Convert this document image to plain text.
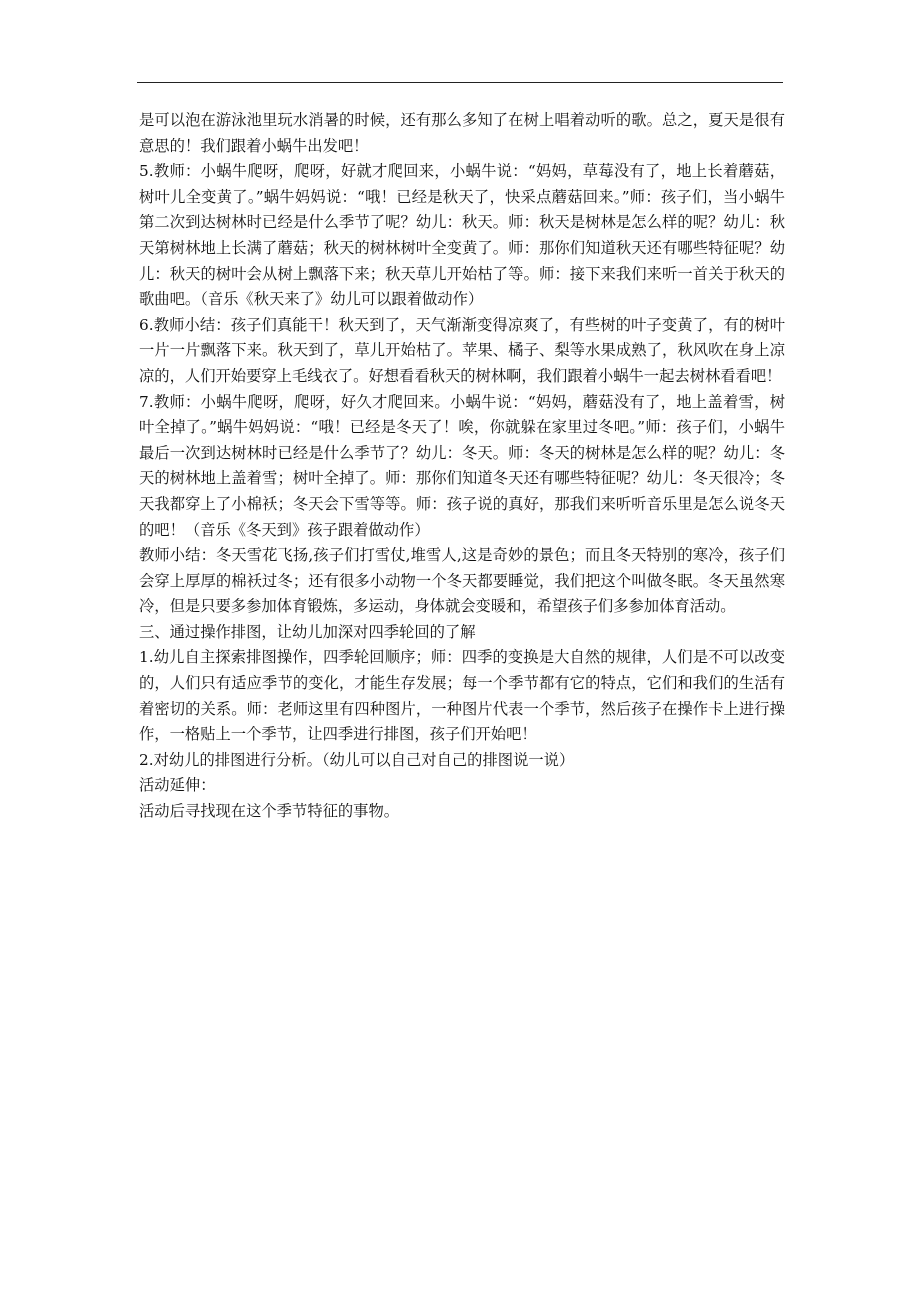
是可以泡在游泳池里玩水消暑的时候，还有那么多知了在树上唱着动听的歌。总之，夏天是很有意思的！我们跟着小蜗牛出发吧！

5.教师：小蜗牛爬呀，爬呀，好就才爬回来，小蜗牛说：“妈妈，草莓没有了，地上长着蘑菇，树叶儿全变黄了。”蜗牛妈妈说：“哦！已经是秋天了，快采点蘑菇回来。”师：孩子们，当小蜗牛第二次到达树林时已经是什么季节了呢？幼儿：秋天。师：秋天是树林是怎么样的呢？幼儿：秋天第树林地上长满了蘑菇；秋天的树林树叶全变黄了。师：那你们知道秋天还有哪些特征呢？幼儿：秋天的树叶会从树上飘落下来；秋天草儿开始枯了等。师：接下来我们来听一首关于秋天的歌曲吧。（音乐《秋天来了》幼儿可以跟着做动作）

6.教师小结：孩子们真能干！秋天到了，天气渐渐变得凉爽了，有些树的叶子变黄了，有的树叶一片一片飘落下来。秋天到了，草儿开始枯了。苹果、橘子、梨等水果成熟了，秋风吹在身上凉凉的，人们开始要穿上毛线衣了。好想看看秋天的树林啊，我们跟着小蜗牛一起去树林看看吧！

7.教师：小蜗牛爬呀，爬呀，好久才爬回来。小蜗牛说：“妈妈，蘑菇没有了，地上盖着雪，树叶全掉了。”蜗牛妈妈说：“哦！已经是冬天了！唉，你就躲在家里过冬吧。”师：孩子们，小蜗牛最后一次到达树林时已经是什么季节了？幼儿：冬天。师：冬天的树林是怎么样的呢？幼儿：冬天的树林地上盖着雪；树叶全掉了。师：那你们知道冬天还有哪些特征呢？幼儿：冬天很冷；冬天我都穿上了小棉袄；冬天会下雪等等。师：孩子说的真好，那我们来听听音乐里是怎么说冬天的吧！（音乐《冬天到》孩子跟着做动作）

教师小结：冬天雪花飞扬,孩子们打雪仗,堆雪人,这是奇妙的景色；而且冬天特别的寒冷，孩子们会穿上厚厚的棉袄过冬；还有很多小动物一个冬天都要睡觉，我们把这个叫做冬眠。冬天虽然寒冷，但是只要多参加体育锻炼，多运动，身体就会变暖和，希望孩子们多参加体育活动。

三、通过操作排图，让幼儿加深对四季轮回的了解

1.幼儿自主探索排图操作，四季轮回顺序；师：四季的变换是大自然的规律，人们是不可以改变的，人们只有适应季节的变化，才能生存发展；每一个季节都有它的特点，它们和我们的生活有着密切的关系。师：老师这里有四种图片，一种图片代表一个季节，然后孩子在操作卡上进行操作，一格贴上一个季节，让四季进行排图，孩子们开始吧！

2.对幼儿的排图进行分析。（幼儿可以自己对自己的排图说一说）

活动延伸：

活动后寻找现在这个季节特征的事物。
